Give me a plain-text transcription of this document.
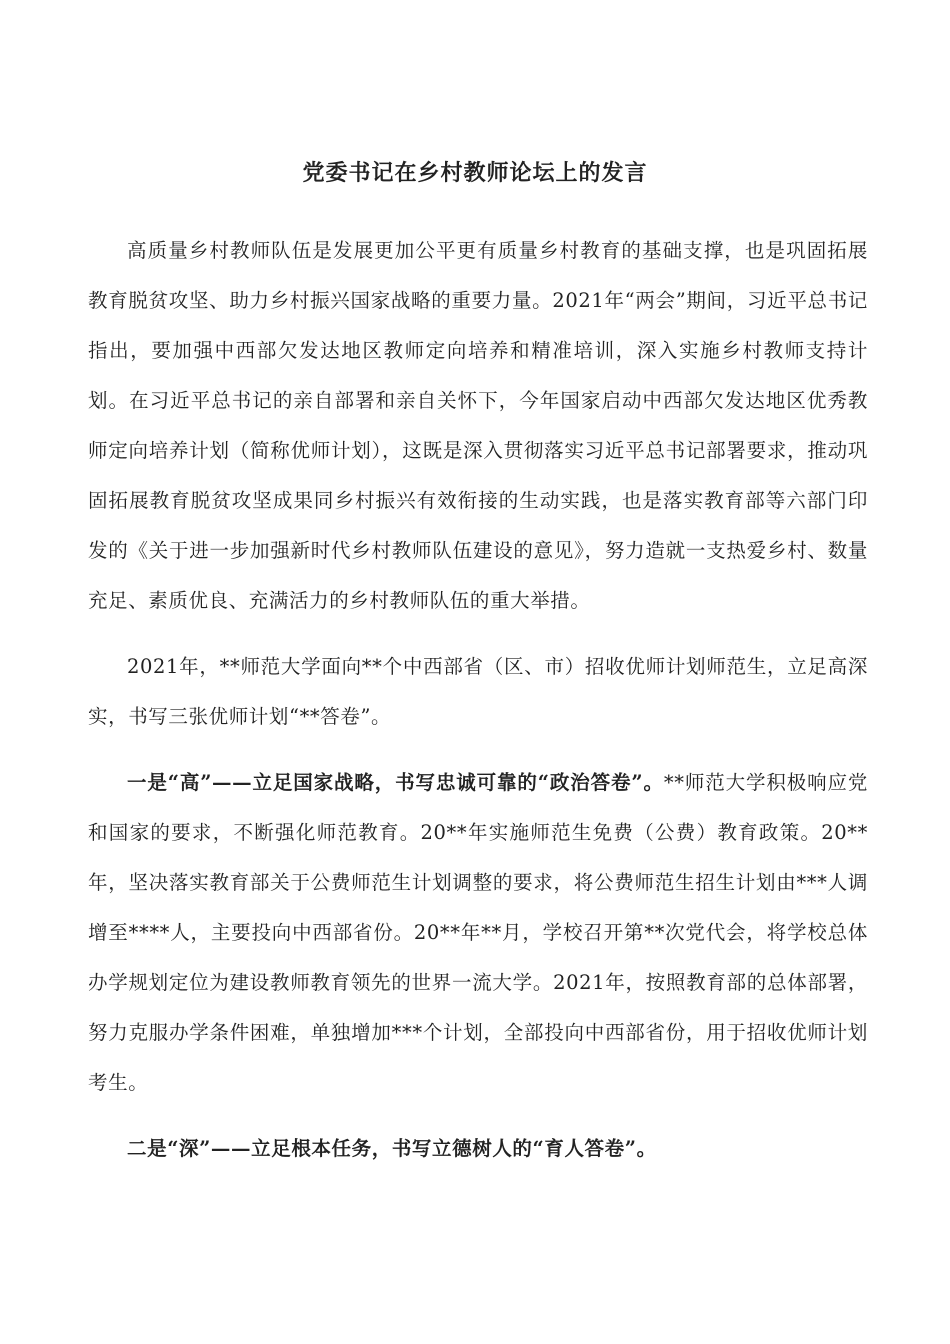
党委书记在乡村教师论坛上的发言

高质量乡村教师队伍是发展更加公平更有质量乡村教育的基础支撑，也是巩固拓展教育脱贫攻坚、助力乡村振兴国家战略的重要力量。2021年“两会”期间，习近平总书记指出，要加强中西部欠发达地区教师定向培养和精准培训，深入实施乡村教师支持计划。在习近平总书记的亲自部署和亲自关怀下，今年国家启动中西部欠发达地区优秀教师定向培养计划（简称优师计划），这既是深入贯彻落实习近平总书记部署要求，推动巩固拓展教育脱贫攻坚成果同乡村振兴有效衔接的生动实践，也是落实教育部等六部门印发的《关于进一步加强新时代乡村教师队伍建设的意见》，努力造就一支热爱乡村、数量充足、素质优良、充满活力的乡村教师队伍的重大举措。

2021年，**师范大学面向**个中西部省（区、市）招收优师计划师范生，立足高深实，书写三张优师计划“**答卷”。

一是“高”——立足国家战略，书写忠诚可靠的“政治答卷”。**师范大学积极响应党和国家的要求，不断强化师范教育。20**年实施师范生免费（公费）教育政策。20**年，坚决落实教育部关于公费师范生计划调整的要求，将公费师范生招生计划由***人调增至****人，主要投向中西部省份。20**年**月，学校召开第**次党代会，将学校总体办学规划定位为建设教师教育领先的世界一流大学。2021年，按照教育部的总体部署，努力克服办学条件困难，单独增加***个计划，全部投向中西部省份，用于招收优师计划考生。

二是“深”——立足根本任务，书写立德树人的“育人答卷”。
